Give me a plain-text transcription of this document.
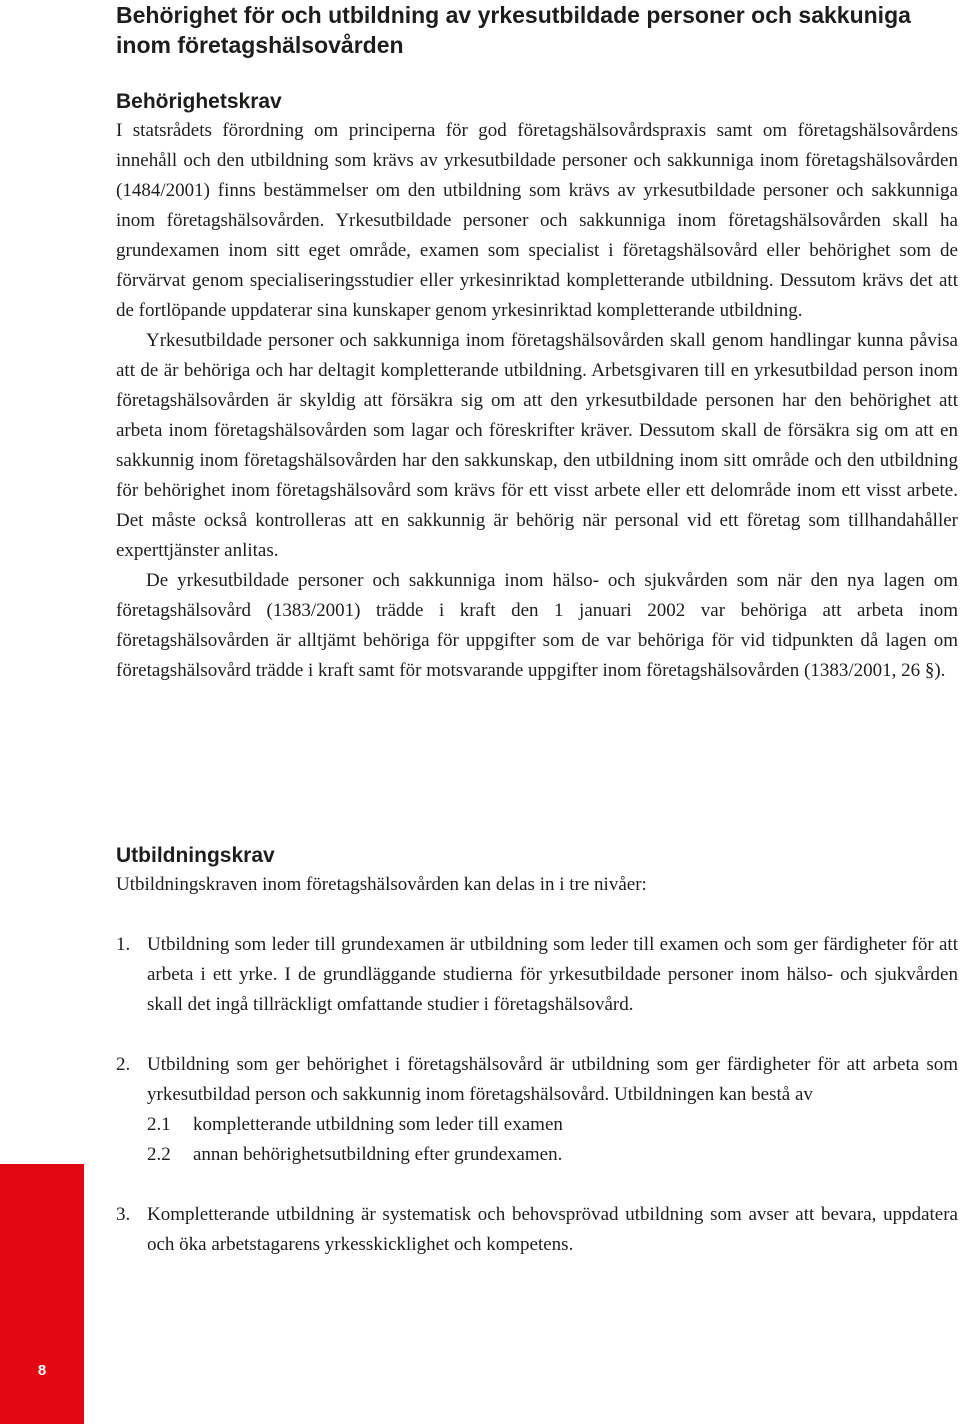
Behörighet för och utbildning av yrkesutbildade personer och sakkuniga inom företagshälsovården
Behörighetskrav

I statsrådets förordning om principerna för god företagshälsovårdspraxis samt om företagshälsovårdens innehåll och den utbildning som krävs av yrkesutbildade personer och sakkunniga inom företagshälsovården (1484/2001) finns bestämmelser om den utbildning som krävs av yrkesutbildade personer och sakkunniga inom företagshälsovården. Yrkesutbildade personer och sakkunniga inom företagshälsovården skall ha grundexamen inom sitt eget område, examen som specialist i företagshälsovård eller behörighet som de förvärvat genom specialiseringsstudier eller yrkesinriktad kompletterande utbildning. Dessutom krävs det att de fortlöpande uppdaterar sina kunskaper genom yrkesinriktad kompletterande utbildning.

Yrkesutbildade personer och sakkunniga inom företagshälsovården skall genom handlingar kunna påvisa att de är behöriga och har deltagit kompletterande utbildning. Arbetsgivaren till en yrkesutbildad person inom företagshälsovården är skyldig att försäkra sig om att den yrkesutbildade personen har den behörighet att arbeta inom företagshälsovården som lagar och föreskrifter kräver. Dessutom skall de försäkra sig om att en sakkunnig inom företagshälsovården har den sakkunskap, den utbildning inom sitt område och den utbildning för behörighet inom företagshälsovård som krävs för ett visst arbete eller ett delområde inom ett visst arbete. Det måste också kontrolleras att en sakkunnig är behörig när personal vid ett företag som tillhandahåller experttjänster anlitas.

De yrkesutbildade personer och sakkunniga inom hälso- och sjukvården som när den nya lagen om företagshälsovård (1383/2001) trädde i kraft den 1 januari 2002 var behöriga att arbeta inom företagshälsovården är alltjämt behöriga för uppgifter som de var behöriga för vid tidpunkten då lagen om företagshälsovård trädde i kraft samt för motsvarande uppgifter inom företagshälsovården (1383/2001, 26 §).

Utbildningskrav

Utbildningskraven inom företagshälsovården kan delas in i tre nivåer:

1. Utbildning som leder till grundexamen är utbildning som leder till examen och som ger färdigheter för att arbeta i ett yrke. I de grundläggande studierna för yrkesutbildade personer inom hälso- och sjukvården skall det ingå tillräckligt omfattande studier i företagshälsovård.
2. Utbildning som ger behörighet i företagshälsovård är utbildning som ger färdigheter för att arbeta som yrkesutbildad person och sakkunnig inom företagshälsovård. Utbildningen kan bestå av
2.1 kompletterande utbildning som leder till examen
2.2 annan behörighetsutbildning efter grundexamen.
3. Kompletterande utbildning är systematisk och behovsprövad utbildning som avser att bevara, uppdatera och öka arbetstagarens yrkesskicklighet och kompetens.
8
